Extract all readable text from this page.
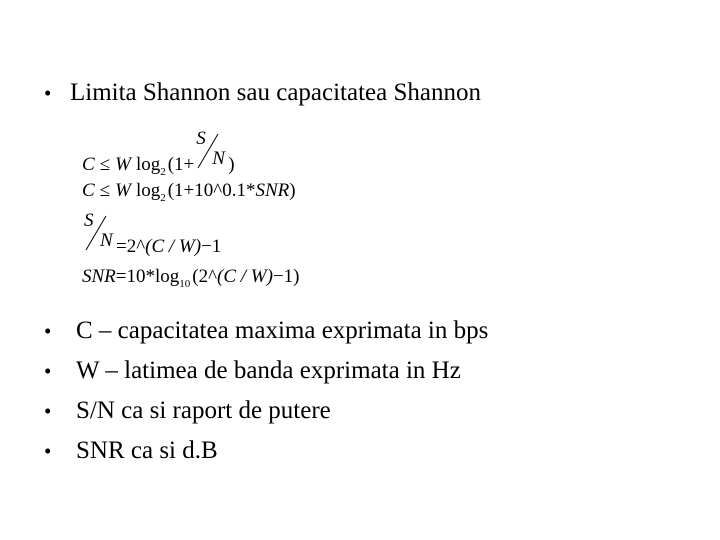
• Limita Shannon sau capacitatea Shannon
C ≤ W log 2 (1+
S
N )
C ≤ W log 2 (1+10^0.1* SNR )
S
N =2^ (C / W) −1
SNR =10*log 10 (2^ (C / W) −1)
• C – capacitatea maxima exprimata in bps
• W – latimea de banda exprimata in Hz
• S/N ca si raport de putere
• SNR ca si d.B
